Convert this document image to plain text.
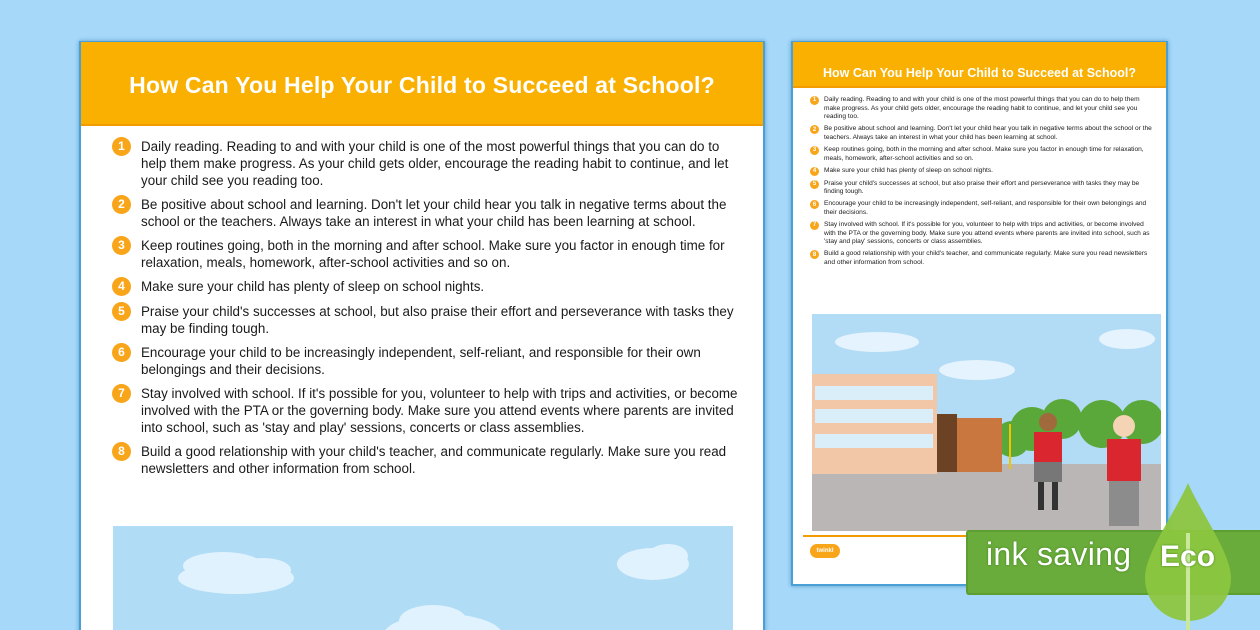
How Can You Help Your Child to Succeed at School?
1	Daily reading. Reading to and with your child is one of the most powerful things that you can do to help them make progress. As your child gets older, encourage the reading habit to continue, and let your child see you reading too.
2	Be positive about school and learning. Don't let your child hear you talk in negative terms about the school or the teachers. Always take an interest in what your child has been learning at school.
3	Keep routines going, both in the morning and after school. Make sure you factor in enough time for relaxation, meals, homework, after-school activities and so on.
4	Make sure your child has plenty of sleep on school nights.
5	Praise your child's successes at school, but also praise their effort and perseverance with tasks they may be finding tough.
6	Encourage your child to be increasingly independent, self-reliant, and responsible for their own belongings and their decisions.
7	Stay involved with school. If it's possible for you, volunteer to help with trips and activities, or become involved with the PTA or the governing body. Make sure you attend events where parents are invited into school, such as 'stay and play' sessions, concerts or class assemblies.
8	Build a good relationship with your child's teacher, and communicate regularly. Make sure you read newsletters and other information from school.
How Can You Help Your Child to Succeed at School?
1	Daily reading. Reading to and with your child is one of the most powerful things that you can do to help them make progress. As your child gets older, encourage the reading habit to continue, and let your child see you reading too.
2	Be positive about school and learning. Don't let your child hear you talk in negative terms about the school or the teachers. Always take an interest in what your child has been learning at school.
3	Keep routines going, both in the morning and after school. Make sure you factor in enough time for relaxation, meals, homework, after-school activities and so on.
4	Make sure your child has plenty of sleep on school nights.
5	Praise your child's successes at school, but also praise their effort and perseverance with tasks they may be finding tough.
6	Encourage your child to be increasingly independent, self-reliant, and responsible for their own belongings and their decisions.
7	Stay involved with school. If it's possible for you, volunteer to help with trips and activities, or become involved with the PTA or the governing body. Make sure you attend events where parents are invited into school, such as 'stay and play' sessions, concerts or class assemblies.
8	Build a good relationship with your child's teacher, and communicate regularly. Make sure you read newsletters and other information from school.
twinkl	ink saving Eco
